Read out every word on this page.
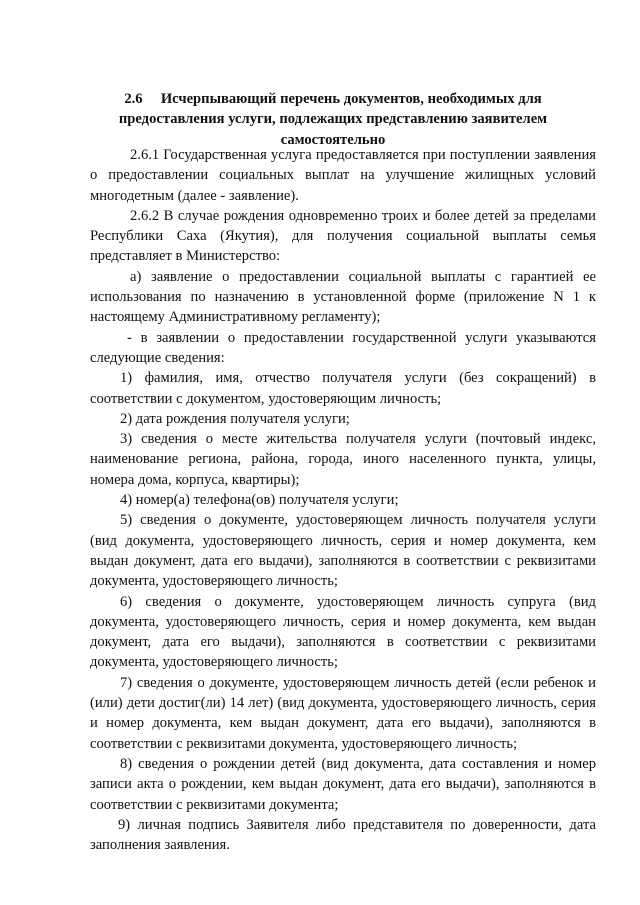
2.6 Исчерпывающий перечень документов, необходимых для
предоставления услуги, подлежащих представлению заявителем
самостоятельно

2.6.1 Государственная услуга предоставляется при поступлении заявления о предоставлении социальных выплат на улучшение жилищных условий многодетным (далее - заявление).

2.6.2 В случае рождения одновременно троих и более детей за пределами Республики Саха (Якутия), для получения социальной выплаты семья представляет в Министерство:

а) заявление о предоставлении социальной выплаты с гарантией ее использования по назначению в установленной форме (приложение N 1 к настоящему Административному регламенту);

- в заявлении о предоставлении государственной услуги указываются следующие сведения:

1) фамилия, имя, отчество получателя услуги (без сокращений) в соответствии с документом, удостоверяющим личность;

2) дата рождения получателя услуги;

3) сведения о месте жительства получателя услуги (почтовый индекс, наименование региона, района, города, иного населенного пункта, улицы, номера дома, корпуса, квартиры);

4) номер(а) телефона(ов) получателя услуги;

5) сведения о документе, удостоверяющем личность получателя услуги (вид документа, удостоверяющего личность, серия и номер документа, кем выдан документ, дата его выдачи), заполняются в соответствии с реквизитами документа, удостоверяющего личность;

6) сведения о документе, удостоверяющем личность супруга (вид документа, удостоверяющего личность, серия и номер документа, кем выдан документ, дата его выдачи), заполняются в соответствии с реквизитами документа, удостоверяющего личность;

7) сведения о документе, удостоверяющем личность детей (если ребенок и (или) дети достиг(ли) 14 лет) (вид документа, удостоверяющего личность, серия и номер документа, кем выдан документ, дата его выдачи), заполняются в соответствии с реквизитами документа, удостоверяющего личность;

8) сведения о рождении детей (вид документа, дата составления и номер записи акта о рождении, кем выдан документ, дата его выдачи), заполняются в соответствии с реквизитами документа;

9) личная подпись Заявителя либо представителя по доверенности, дата заполнения заявления.
